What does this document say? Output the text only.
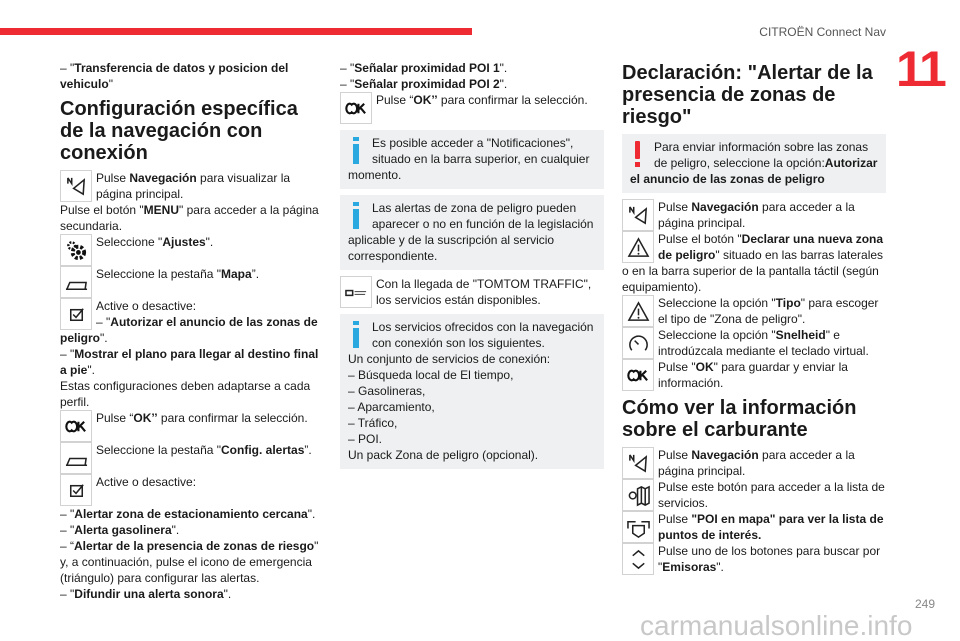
CITROËN Connect Nav
11
– "Transferencia de datos y posicion del vehiculo"
Configuración específica de la navegación con conexión
Pulse Navegación para visualizar la página principal.
Pulse el botón "MENU" para acceder a la página secundaria.
Seleccione "Ajustes".
Seleccione la pestaña "Mapa”.
Active o desactive:
– "Autorizar el anuncio de las zonas de peligro".
– "Mostrar el plano para llegar al destino final a pie".
Estas configuraciones deben adaptarse a cada perfil.
Pulse “OK’’ para confirmar la selección.
Seleccione la pestaña "Config. alertas”.
Active o desactive:
– "Alertar zona de estacionamiento cercana".
– "Alerta gasolinera".
– “Alertar de la presencia de zonas de riesgo" y, a continuación, pulse el icono de emergencia (triángulo) para configurar las alertas.
– "Difundir una alerta sonora".
– "Señalar proximidad POI 1".
– "Señalar proximidad POI 2".
Pulse “OK’’ para confirmar la selección.
Es posible acceder a "Notificaciones", situado en la barra superior, en cualquier momento.
Las alertas de zona de peligro pueden aparecer o no en función de la legislación aplicable y de la suscripción al servicio correspondiente.
Con la llegada de "TOMTOM TRAFFIC", los servicios están disponibles.
Los servicios ofrecidos con la navegación con conexión son los siguientes.
Un conjunto de servicios de conexión:
– Búsqueda local de El tiempo,
– Gasolineras,
– Aparcamiento,
– Tráfico,
– POI.
Un pack Zona de peligro (opcional).
Declaración: "Alertar de la presencia de zonas de riesgo"
Para enviar información sobre las zonas de peligro, seleccione la opción:Autorizar el anuncio de las zonas de peligro
Pulse Navegación para acceder a la página principal.
Pulse el botón "Declarar una nueva zona de peligro" situado en las barras laterales o en la barra superior de la pantalla táctil (según equipamiento).
Seleccione la opción "Tipo" para escoger el tipo de "Zona de peligro".
Seleccione la opción "Snelheid" e introdúzcala mediante el teclado virtual.
Pulse "OK" para guardar y enviar la información.
Cómo ver la información sobre el carburante
Pulse Navegación para acceder a la página principal.
Pulse este botón para acceder a la lista de servicios.
Pulse "POI en mapa" para ver la lista de puntos de interés.
Pulse uno de los botones para buscar por "Emisoras".
249
carmanualsonline.info
